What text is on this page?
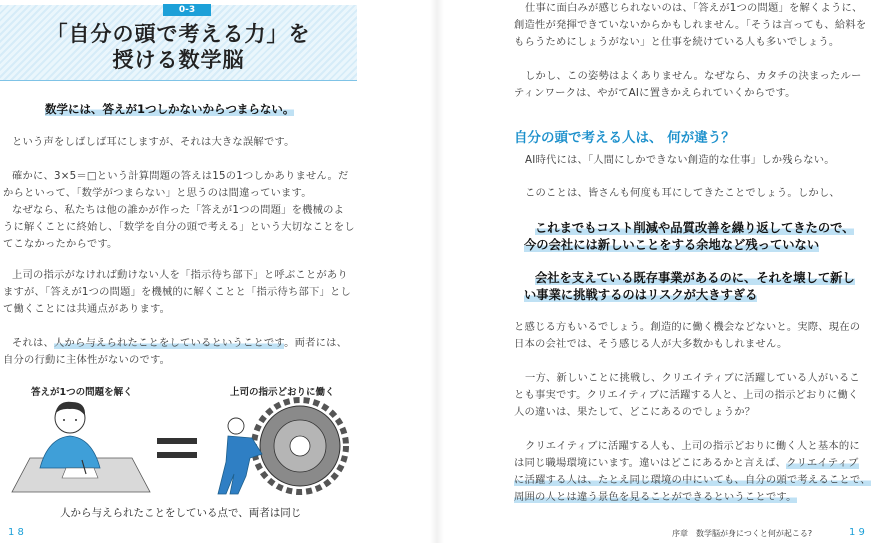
0-3
「自分の頭で考える力」を
授ける数学脳
数学には、答えが1つしかないからつまらない。
という声をしばしば耳にしますが、それは大きな誤解です。
確かに、3×5＝□という計算問題の答えは15の1つしかありません。だ
からといって、「数学がつまらない」と思うのは間違っています。
なぜなら、私たちは他の誰かが作った「答えが1つの問題」を機械のよ
うに解くことに終始し、「数学を自分の頭で考える」という大切なことをし
てこなかったからです。
上司の指示がなければ動けない人を「指示待ち部下」と呼ぶことがあり
ますが、「答えが1つの問題」を機械的に解くことと「指示待ち部下」とし
て働くことには共通点があります。
それは、人から与えられたことをしているということです。両者には、
自分の行動に主体性がないのです。
答えが1つの問題を解く	上司の指示どおりに働く
人から与えられたことをしている点で、両者は同じ
1 8
仕事に面白みが感じられないのは、「答えが1つの問題」を解くように、
創造性が発揮できていないからかもしれません。「そうは言っても、給料を
もらうためにしょうがない」と仕事を続けている人も多いでしょう。
しかし、この姿勢はよくありません。なぜなら、カタチの決まったルー
ティンワークは、やがてAIに置きかえられていくからです。
自分の頭で考える人は、 何が違う？
AI時代には、「人間にしかできない創造的な仕事」しか残らない。
このことは、皆さんも何度も耳にしてきたことでしょう。しかし、
これまでもコスト削減や品質改善を繰り返してきたので、
今の会社には新しいことをする余地など残っていない
会社を支えている既存事業があるのに、それを壊して新し
い事業に挑戦するのはリスクが大きすぎる
と感じる方もいるでしょう。創造的に働く機会などないと。実際、現在の
日本の会社では、そう感じる人が大多数かもしれません。
一方、新しいことに挑戦し、クリエイティブに活躍している人がいるこ
とも事実です。クリエイティブに活躍する人と、上司の指示どおりに働く
人の違いは、果たして、どこにあるのでしょうか？
クリエイティブに活躍する人も、上司の指示どおりに働く人と基本的に
は同じ職場環境にいます。違いはどこにあるかと言えば、クリエイティブ
に活躍する人は、たとえ同じ環境の中にいても、自分の頭で考えることで、
周囲の人とは違う景色を見ることができるということです。
序章　数学脳が身につくと何が起こる?	1 9
